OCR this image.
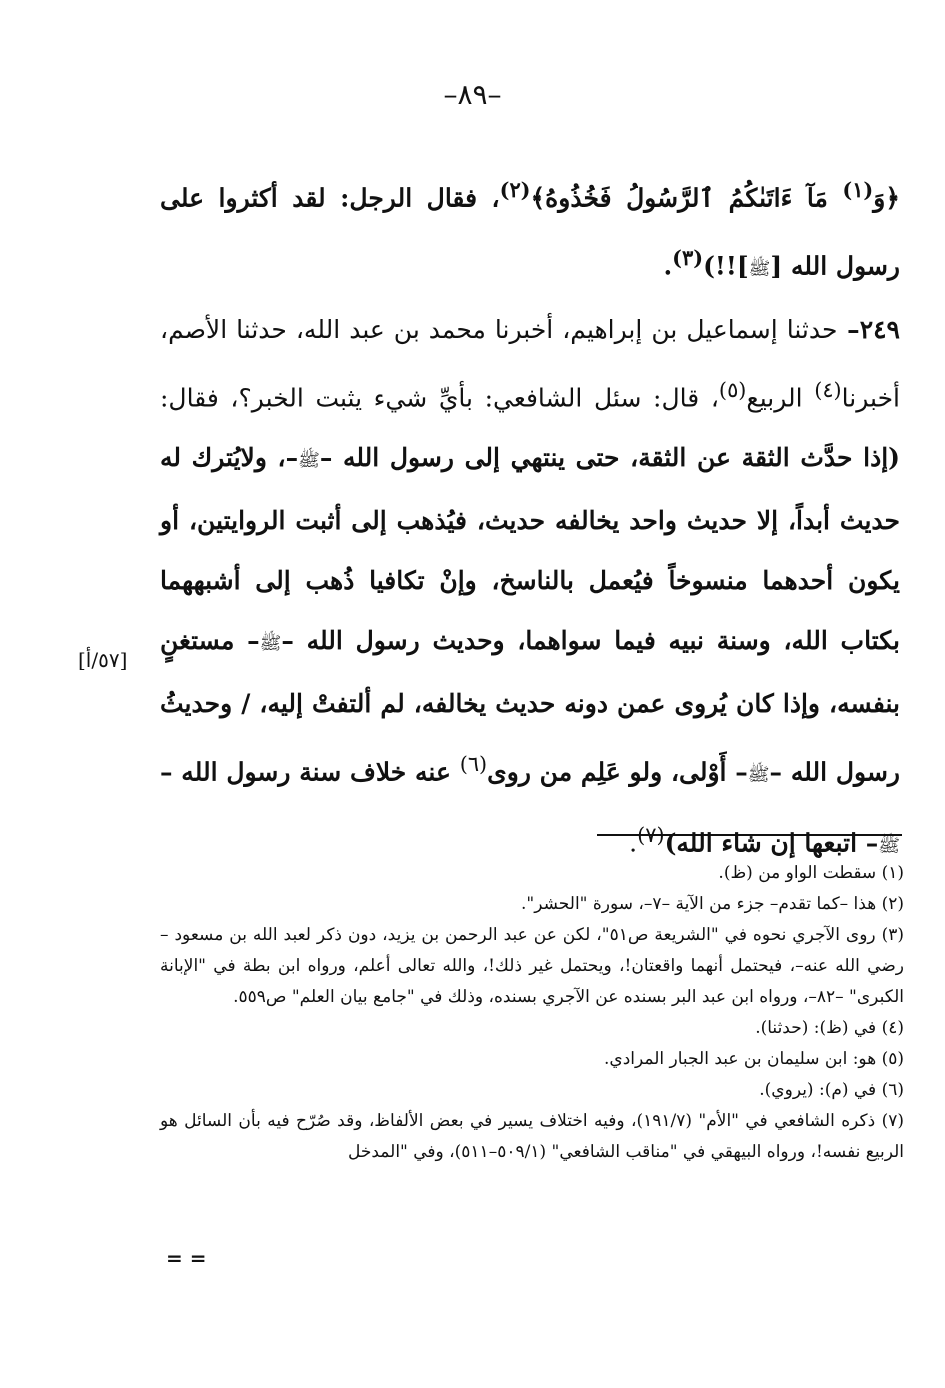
–٨٩–

﴿وَ$^{(١)}$ مَآ ءَاتَىٰكُمُ ٱلرَّسُولُ فَخُذُوهُ﴾$^{(٢)}$، فقال الرجل: لقد أكثروا على رسول الله [ﷺ]!!)$^{(٣)}$.

٢٤٩– حدثنا إسماعيل بن إبراهيم، أخبرنا محمد بن عبد الله، حدثنا الأصم، أخبرنا$^{(٤)}$ الربيع$^{(٥)}$، قال: سئل الشافعي: بأيِّ شيء يثبت الخبر؟، فقال: (إذا حدَّث الثقة عن الثقة، حتى ينتهي إلى رسول الله –ﷺ–، ولايُترك له حديث أبداً، إلا حديث واحد يخالفه حديث، فيُذهب إلى أثبت الروايتين، أو يكون أحدهما منسوخاً فيُعمل بالناسخ، وإنْ تكافيا ذُهب إلى أشبههما بكتاب الله، وسنة نبيه فيما سواهما، وحديث رسول الله –ﷺ– مستغنٍ بنفسه، وإذا كان يُروى عمن دونه حديث يخالفه، لم ألتفتْ إليه، / وحديثُ رسول الله –ﷺ– أَوْلى، ولو عَلِم من روى$^{(٦)}$ عنه خلاف سنة رسول الله –ﷺ– اتبعها إن شاء الله)$^{(٧)}$.

[٥٧/أ]

(١) سقطت الواو من (ظ).

(٢) هذا –كما تقدم– جزء من الآية –٧–، سورة "الحشر".

(٣) روى الآجري نحوه في "الشريعة ص٥١"، لكن عن عبد الرحمن بن يزيد، دون ذكر لعبد الله بن مسعود –رضي الله عنه–، فيحتمل أنهما واقعتان!، ويحتمل غير ذلك!، والله تعالى أعلم، ورواه ابن بطة في "الإبانة الكبرى" –٨٢–، ورواه ابن عبد البر بسنده عن الآجري بسنده، وذلك في "جامع بيان العلم" ص٥٥٩.

(٤) في (ظ): (حدثنا).

(٥) هو: ابن سليمان بن عبد الجبار المرادي.

(٦) في (م): (يروي).

(٧) ذكره الشافعي في "الأم" (١٩١/٧)، وفيه اختلاف يسير في بعض الألفاظ، وقد صُرّح فيه بأن السائل هو الربيع نفسه!، ورواه البيهقي في "مناقب الشافعي" (٥٠٩/١–٥١١)، وفي "المدخل

= =
